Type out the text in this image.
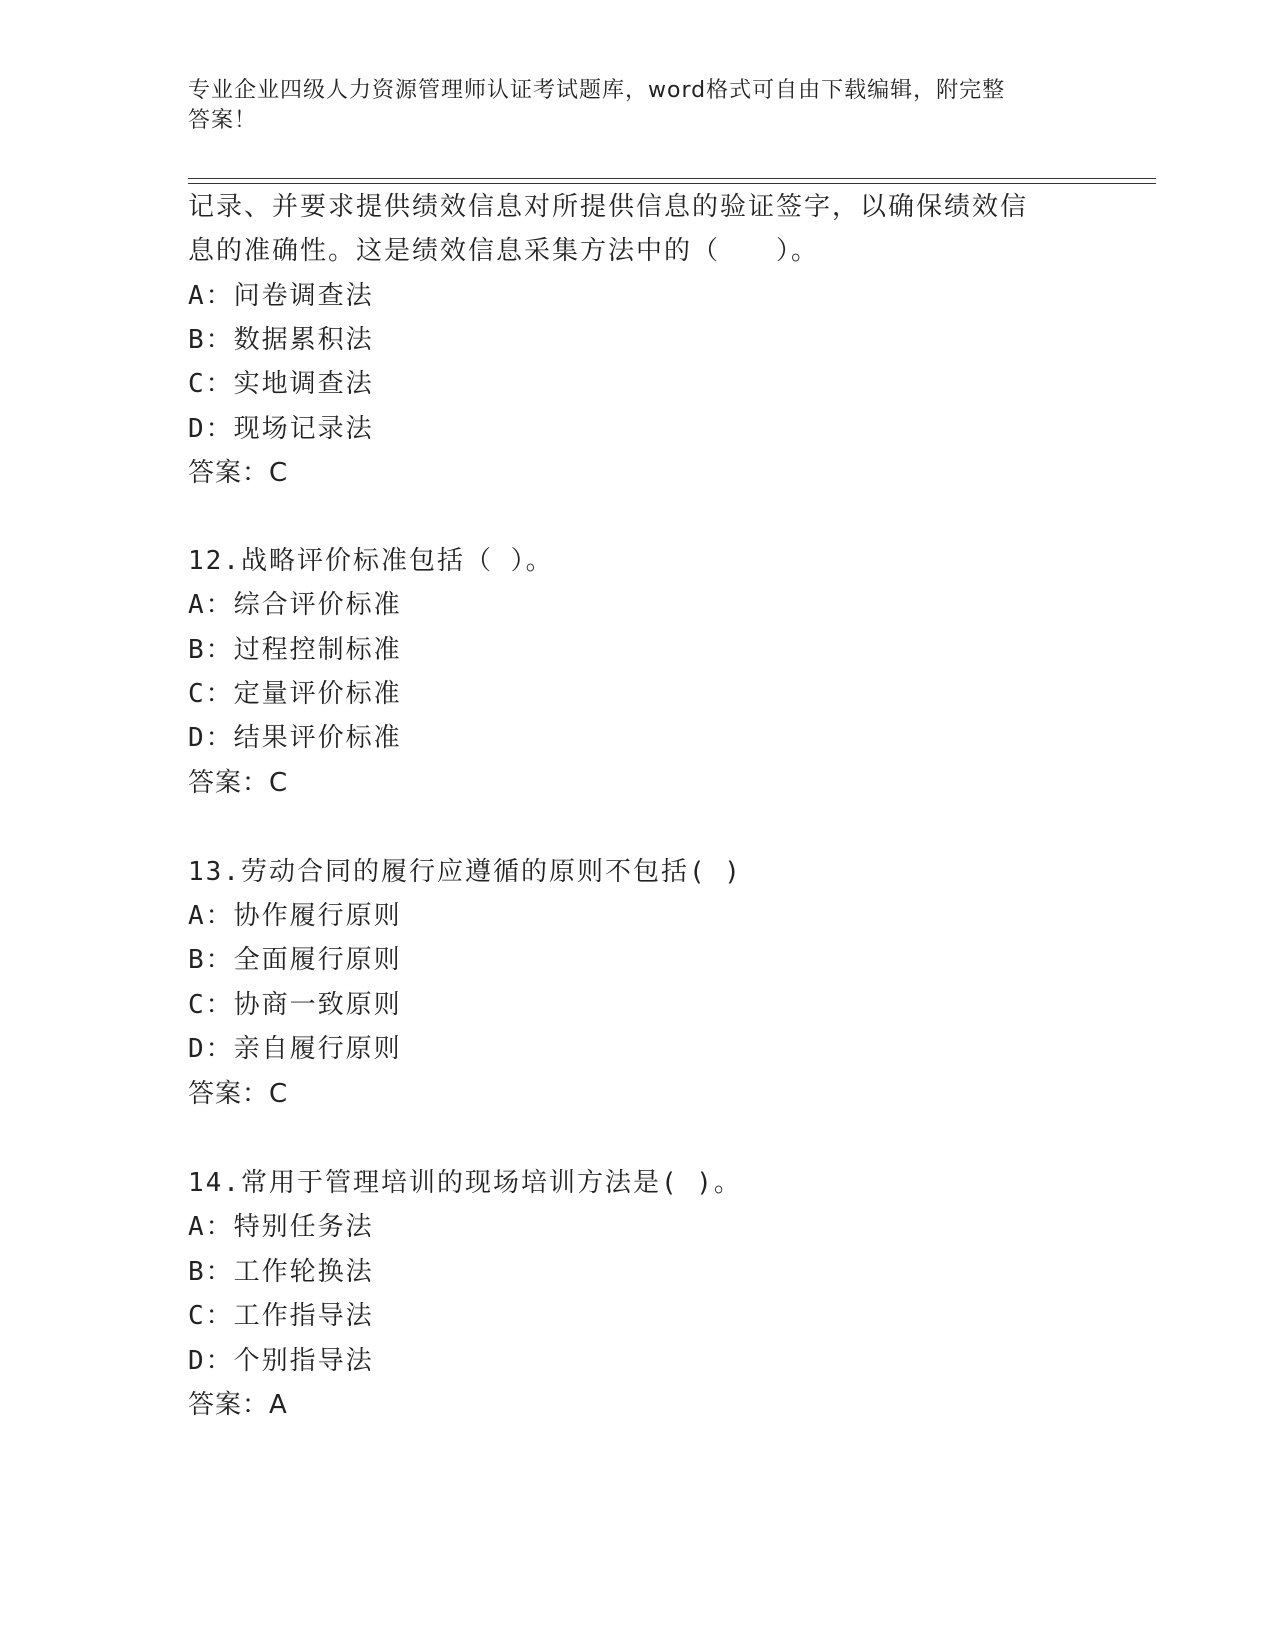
专业企业四级人力资源管理师认证考试题库，word格式可自由下载编辑，附完整
答案！
记录、并要求提供绩效信息对所提供信息的验证签字，以确保绩效信
息的准确性。这是绩效信息采集方法中的（　　）。
A：问卷调查法
B：数据累积法
C：实地调查法
D：现场记录法
答案：C
12.战略评价标准包括（ ）。
A：综合评价标准
B：过程控制标准
C：定量评价标准
D：结果评价标准
答案：C
13.劳动合同的履行应遵循的原则不包括( )
A：协作履行原则
B：全面履行原则
C：协商一致原则
D：亲自履行原则
答案：C
14.常用于管理培训的现场培训方法是( )。
A：特别任务法
B：工作轮换法
C：工作指导法
D：个别指导法
答案：A
